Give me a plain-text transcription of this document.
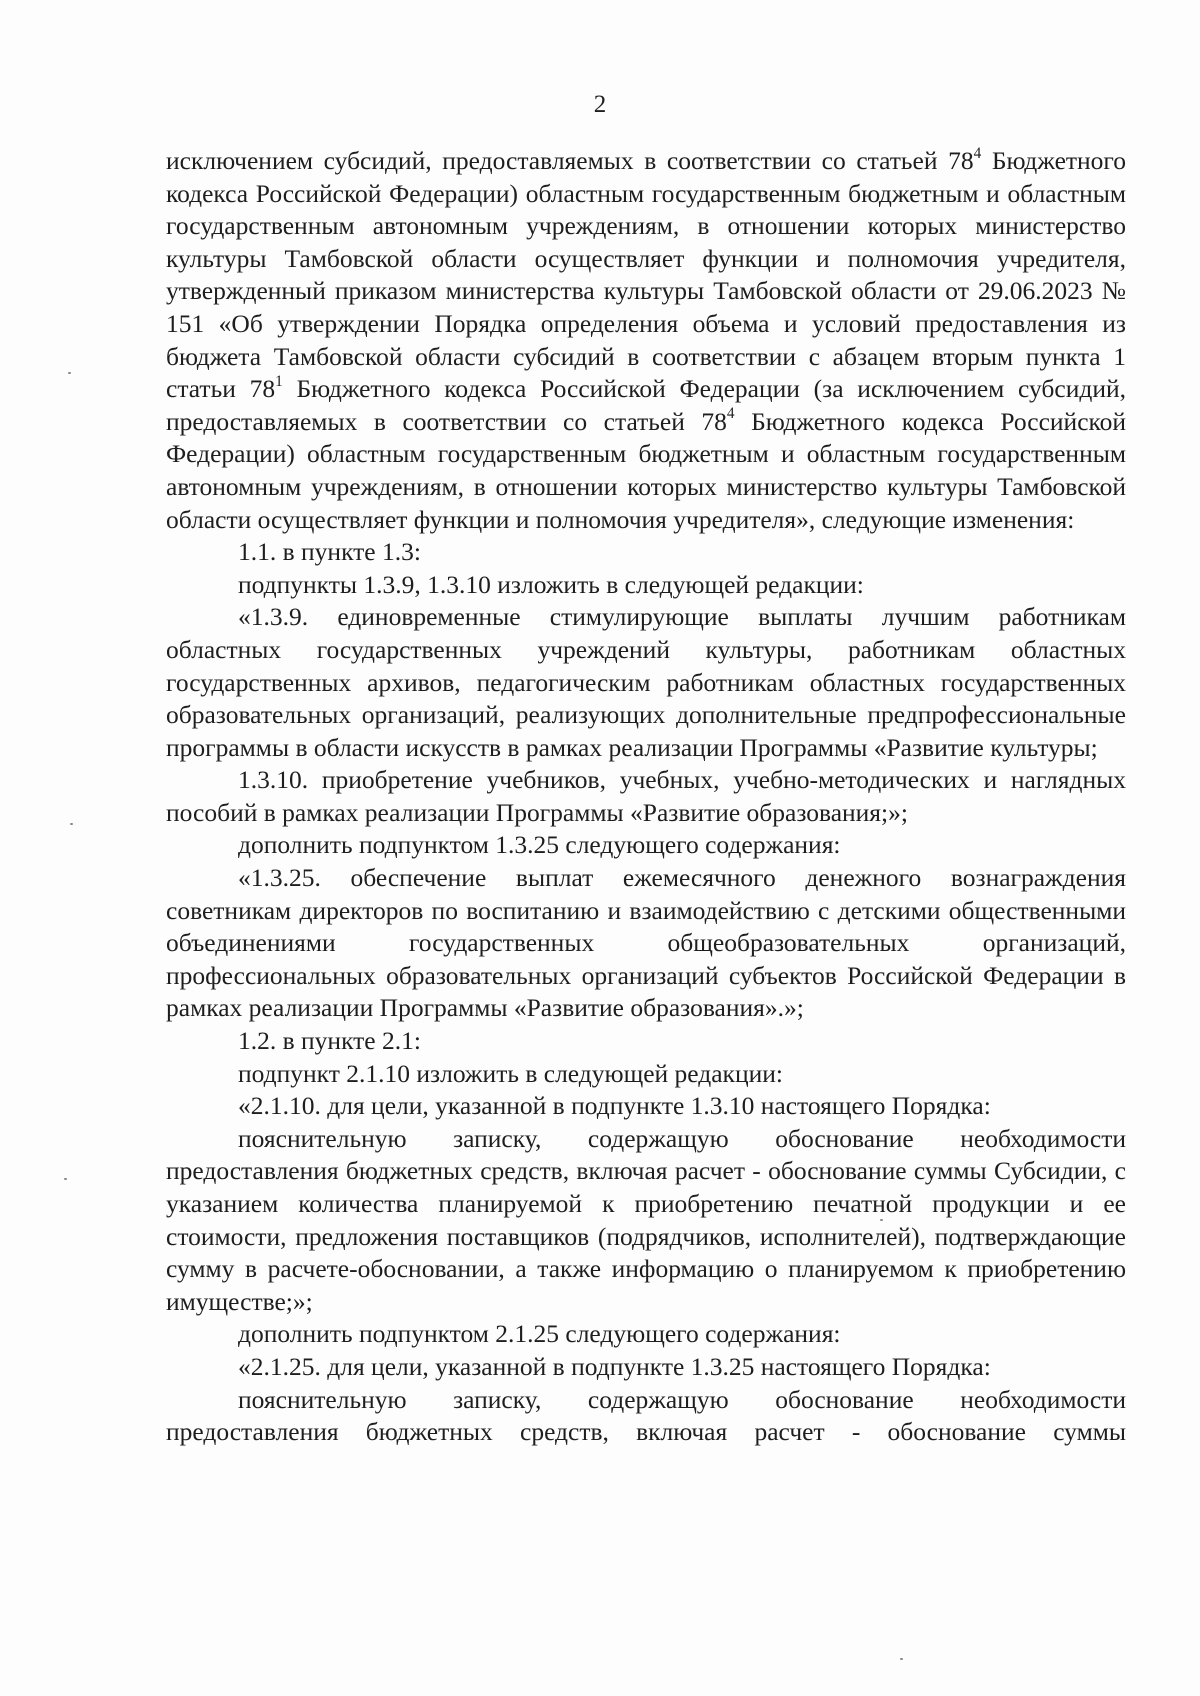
2

исключением субсидий, предоставляемых в соответствии со статьей $78^4$ Бюджетного кодекса Российской Федерации) областным государственным бюджетным и областным государственным автономным учреждениям, в отношении которых министерство культуры Тамбовской области осуществляет функции и полномочия учредителя, утвержденный приказом министерства культуры Тамбовской области от 29.06.2023 № 151 «Об утверждении Порядка определения объема и условий предоставления из бюджета Тамбовской области субсидий в соответствии с абзацем вторым пункта 1 статьи $78^1$ Бюджетного кодекса Российской Федерации (за исключением субсидий, предоставляемых в соответствии со статьей $78^4$ Бюджетного кодекса Российской Федерации) областным государственным бюджетным и областным государственным автономным учреждениям, в отношении которых министерство культуры Тамбовской области осуществляет функции и полномочия учредителя», следующие изменения:

1.1. в пункте 1.3:

подпункты 1.3.9, 1.3.10 изложить в следующей редакции:

«1.3.9. единовременные стимулирующие выплаты лучшим работникам областных государственных учреждений культуры, работникам областных государственных архивов, педагогическим работникам областных государственных образовательных организаций, реализующих дополнительные предпрофессиональные программы в области искусств в рамках реализации Программы «Развитие культуры;

1.3.10. приобретение учебников, учебных, учебно-методических и наглядных пособий в рамках реализации Программы «Развитие образования;»;

дополнить подпунктом 1.3.25 следующего содержания:

«1.3.25. обеспечение выплат ежемесячного денежного вознаграждения советникам директоров по воспитанию и взаимодействию с детскими общественными объединениями государственных общеобразовательных организаций, профессиональных образовательных организаций субъектов Российской Федерации в рамках реализации Программы «Развитие образования».»;

1.2. в пункте 2.1:

подпункт 2.1.10 изложить в следующей редакции:

«2.1.10. для цели, указанной в подпункте 1.3.10 настоящего Порядка:

пояснительную записку, содержащую обоснование необходимости предоставления бюджетных средств, включая расчет - обоснование суммы Субсидии, с указанием количества планируемой к приобретению печатной продукции и ее стоимости, предложения поставщиков (подрядчиков, исполнителей), подтверждающие сумму в расчете-обосновании, а также информацию о планируемом к приобретению имуществе;»;

дополнить подпунктом 2.1.25 следующего содержания:

«2.1.25. для цели, указанной в подпункте 1.3.25 настоящего Порядка:

пояснительную записку, содержащую обоснование необходимости предоставления бюджетных средств, включая расчет - обоснование суммы
